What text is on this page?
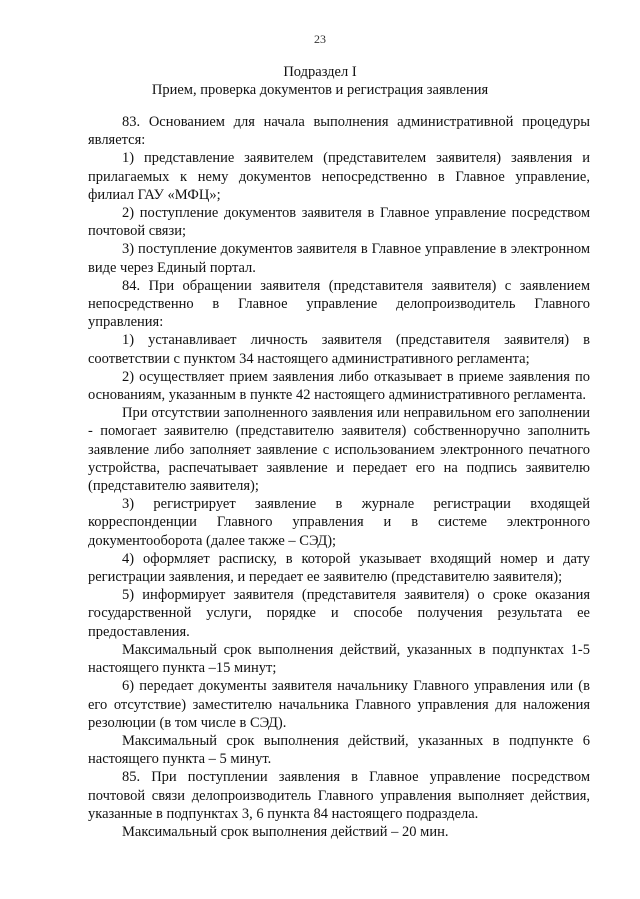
23
Подраздел I
Прием, проверка документов и регистрация заявления

83. Основанием для начала выполнения административной процедуры является:

1) представление заявителем (представителем заявителя) заявления и прилагаемых к нему документов непосредственно в Главное управление, филиал ГАУ «МФЦ»;

2) поступление документов заявителя в Главное управление посредством почтовой связи;

3) поступление документов заявителя в Главное управление в электронном виде через Единый портал.

84. При обращении заявителя (представителя заявителя) с заявлением непосредственно в Главное управление делопроизводитель Главного управления:

1) устанавливает личность заявителя (представителя заявителя) в соответствии с пунктом 34 настоящего административного регламента;

2) осуществляет прием заявления либо отказывает в приеме заявления по основаниям, указанным в пункте 42 настоящего административного регламента.

При отсутствии заполненного заявления или неправильном его заполнении - помогает заявителю (представителю заявителя) собственноручно заполнить заявление либо заполняет заявление с использованием электронного печатного устройства, распечатывает заявление и передает его на подпись заявителю (представителю заявителя);

3) регистрирует заявление в журнале регистрации входящей корреспонденции Главного управления и в системе электронного документооборота (далее также – СЭД);

4) оформляет расписку, в которой указывает входящий номер и дату регистрации заявления, и передает ее заявителю (представителю заявителя);

5) информирует заявителя (представителя заявителя) о сроке оказания государственной услуги, порядке и способе получения результата ее предоставления.

Максимальный срок выполнения действий, указанных в подпунктах 1-5 настоящего пункта –15 минут;

6) передает документы заявителя начальнику Главного управления или (в его отсутствие) заместителю начальника Главного управления для наложения резолюции (в том числе в СЭД).

Максимальный срок выполнения действий, указанных в подпункте 6 настоящего пункта – 5 минут.

85. При поступлении заявления в Главное управление посредством почтовой связи делопроизводитель Главного управления выполняет действия, указанные в подпунктах 3, 6 пункта 84 настоящего подраздела.

Максимальный срок выполнения действий – 20 мин.
